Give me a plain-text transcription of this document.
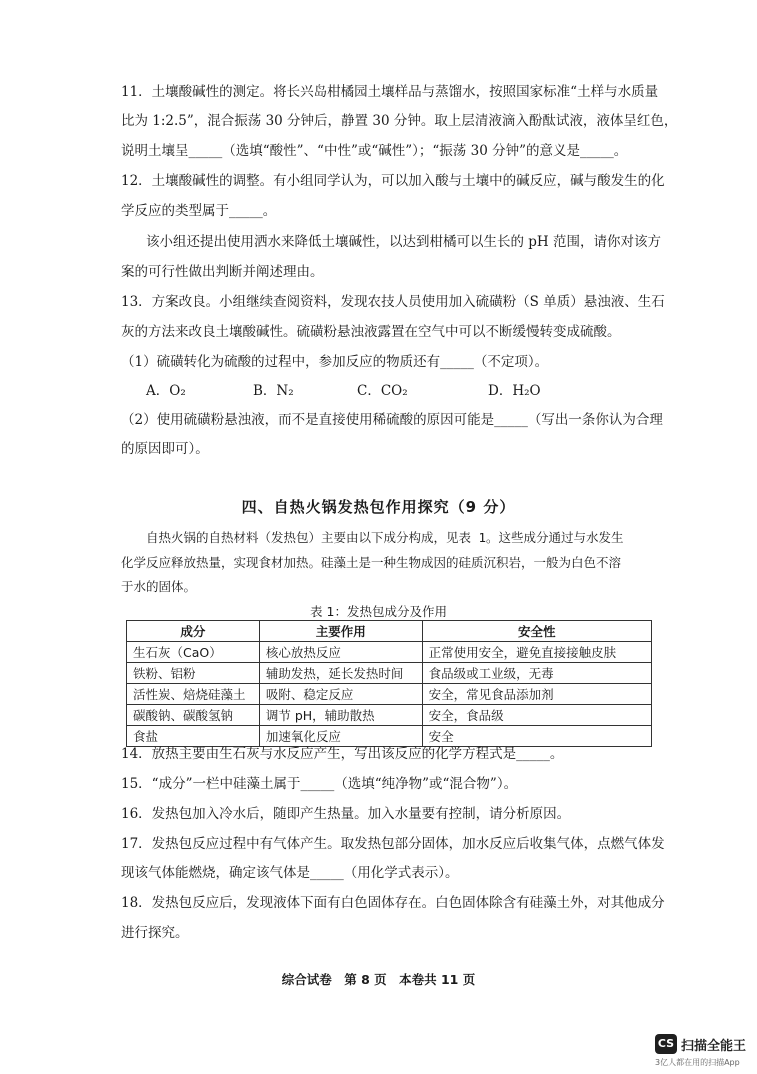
11．土壤酸碱性的测定。将长兴岛柑橘园土壤样品与蒸馏水，按照国家标准“土样与水质量
比为 1:2.5”，混合振荡 30 分钟后，静置 30 分钟。取上层清液滴入酚酞试液，液体呈红色，
说明土壤呈_____（选填“酸性”、“中性”或“碱性”）；“振荡 30 分钟”的意义是_____。
12．土壤酸碱性的调整。有小组同学认为，可以加入酸与土壤中的碱反应，碱与酸发生的化
学反应的类型属于_____。
该小组还提出使用洒水来降低土壤碱性，以达到柑橘可以生长的 pH 范围，请你对该方
案的可行性做出判断并阐述理由。
13．方案改良。小组继续查阅资料，发现农技人员使用加入硫磺粉（S 单质）悬浊液、生石
灰的方法来改良土壤酸碱性。硫磺粉悬浊液露置在空气中可以不断缓慢转变成硫酸。
（1）硫磺转化为硫酸的过程中，参加反应的物质还有_____（不定项）。
A．O₂	B．N₂	C．CO₂	D．H₂O
（2）使用硫磺粉悬浊液，而不是直接使用稀硫酸的原因可能是_____（写出一条你认为合理
的原因即可）。
四、自热火锅发热包作用探究（9 分）
自热火锅的自热材料（发热包）主要由以下成分构成，见表 1。这些成分通过与水发生
化学反应释放热量，实现食材加热。硅藻土是一种生物成因的硅质沉积岩，一般为白色不溶
于水的固体。
表 1：发热包成分及作用
成分	主要作用	安全性
生石灰（CaO）	核心放热反应	正常使用安全，避免直接接触皮肤
铁粉、铝粉	辅助发热，延长发热时间	食品级或工业级，无毒
活性炭、焙烧硅藻土	吸附、稳定反应	安全，常见食品添加剂
碳酸钠、碳酸氢钠	调节 pH，辅助散热	安全，食品级
食盐	加速氧化反应	安全
14．放热主要由生石灰与水反应产生，写出该反应的化学方程式是_____。
15．“成分”一栏中硅藻土属于_____（选填“纯净物”或“混合物”）。
16．发热包加入冷水后，随即产生热量。加入水量要有控制，请分析原因。
17．发热包反应过程中有气体产生。取发热包部分固体，加水反应后收集气体，点燃气体发
现该气体能燃烧，确定该气体是_____（用化学式表示）。
18．发热包反应后，发现液体下面有白色固体存在。白色固体除含有硅藻土外，对其他成分
进行探究。
综合试卷　第 8 页　本卷共 11 页
CS 扫描全能王
3亿人都在用的扫描App
